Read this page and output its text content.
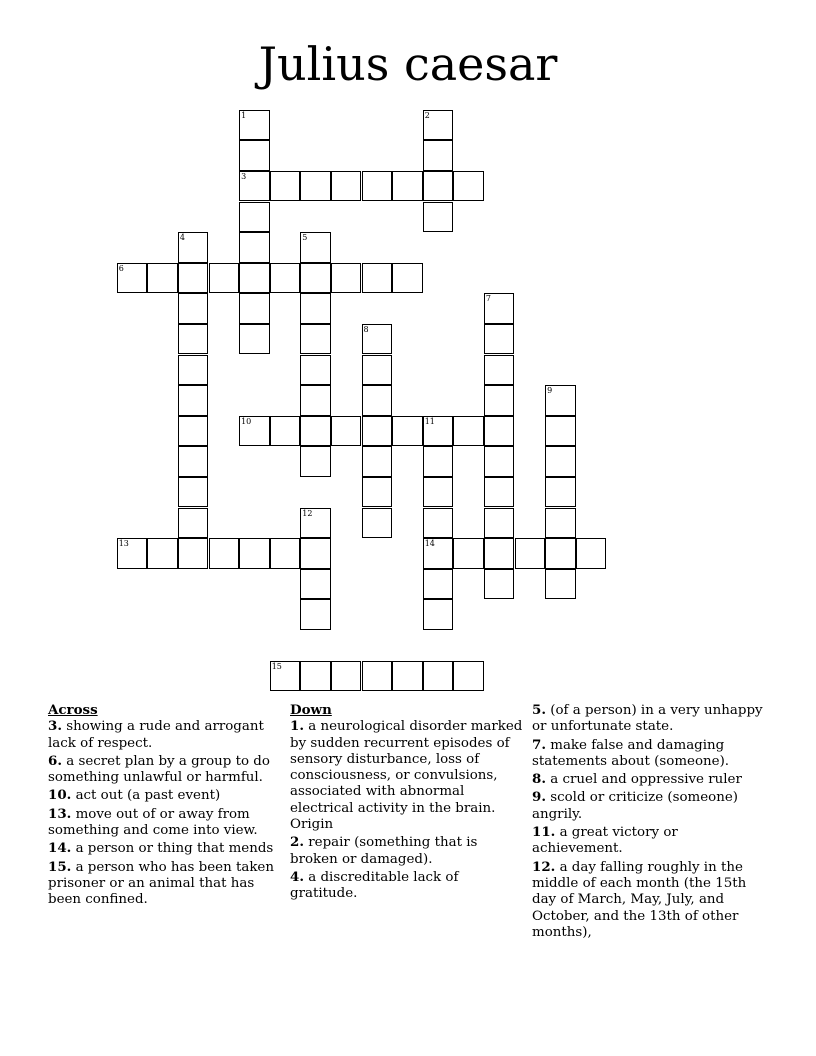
Julius caesar
1
3
2
4	5
6
7
8
9
10	11
14
12
13
15
Across
3. showing a rude and arrogant lack of respect.
6. a secret plan by a group to do something unlawful or harmful.
10. act out (a past event)
13. move out of or away from something and come into view.
14. a person or thing that mends
15. a person who has been taken prisoner or an animal that has been confined.
Down
1. a neurological disorder marked by sudden recurrent episodes of sensory disturbance, loss of consciousness, or convulsions, associated with abnormal electrical activity in the brain. Origin
2. repair (something that is broken or damaged).
4. a discreditable lack of gratitude.
5. (of a person) in a very unhappy or unfortunate state.
7. make false and damaging statements about (someone).
8. a cruel and oppressive ruler
9. scold or criticize (someone) angrily.
11. a great victory or achievement.
12. a day falling roughly in the middle of each month (the 15th day of March, May, July, and October, and the 13th of other months),
